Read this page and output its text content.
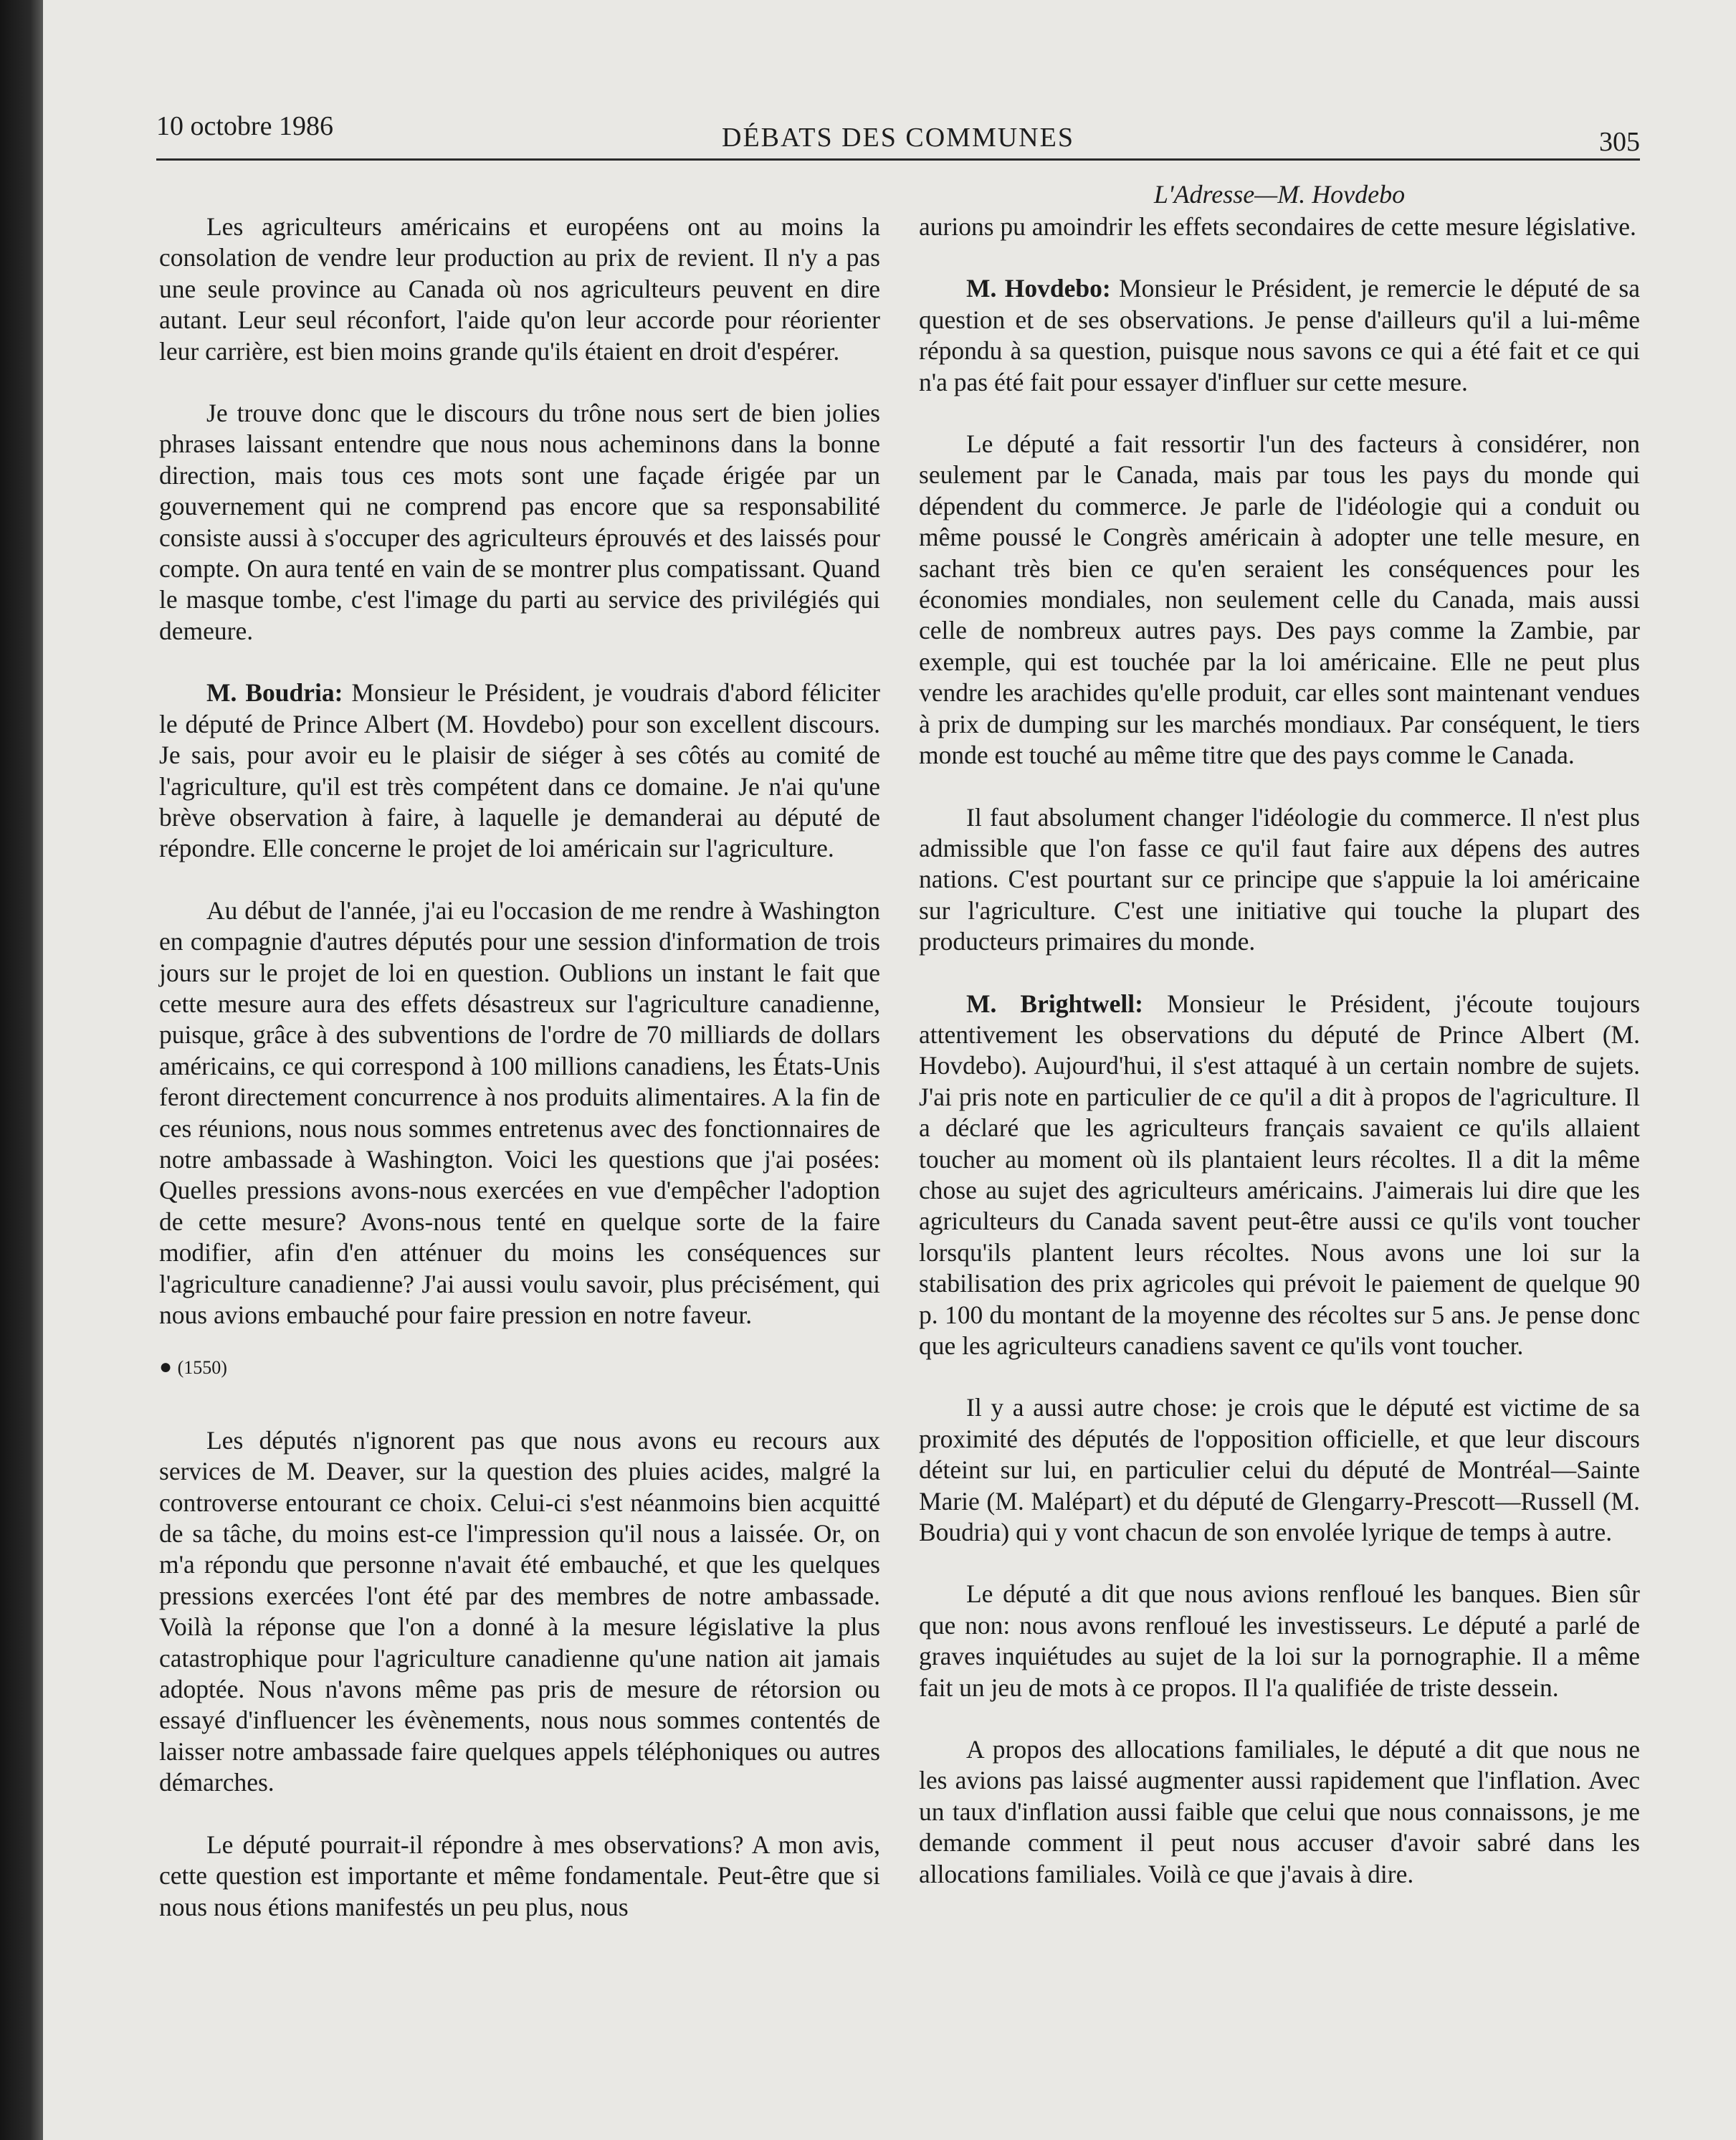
10 octobre 1986	DÉBATS DES COMMUNES	305
L'Adresse—M. Hovdebo

Les agriculteurs américains et européens ont au moins la consolation de vendre leur production au prix de revient. Il n'y a pas une seule province au Canada où nos agriculteurs peuvent en dire autant. Leur seul réconfort, l'aide qu'on leur accorde pour réorienter leur carrière, est bien moins grande qu'ils étaient en droit d'espérer.

Je trouve donc que le discours du trône nous sert de bien jolies phrases laissant entendre que nous nous acheminons dans la bonne direction, mais tous ces mots sont une façade érigée par un gouvernement qui ne comprend pas encore que sa responsabilité consiste aussi à s'occuper des agriculteurs éprouvés et des laissés pour compte. On aura tenté en vain de se montrer plus compatissant. Quand le masque tombe, c'est l'image du parti au service des privilégiés qui demeure.

M. Boudria: Monsieur le Président, je voudrais d'abord féliciter le député de Prince Albert (M. Hovdebo) pour son excellent discours. Je sais, pour avoir eu le plaisir de siéger à ses côtés au comité de l'agriculture, qu'il est très compétent dans ce domaine. Je n'ai qu'une brève observation à faire, à laquelle je demanderai au député de répondre. Elle concerne le projet de loi américain sur l'agriculture.

Au début de l'année, j'ai eu l'occasion de me rendre à Washington en compagnie d'autres députés pour une session d'information de trois jours sur le projet de loi en question. Oublions un instant le fait que cette mesure aura des effets désastreux sur l'agriculture canadienne, puisque, grâce à des subventions de l'ordre de 70 milliards de dollars américains, ce qui correspond à 100 millions canadiens, les États-Unis feront directement concurrence à nos produits alimentaires. A la fin de ces réunions, nous nous sommes entretenus avec des fonctionnaires de notre ambassade à Washington. Voici les questions que j'ai posées: Quelles pressions avons-nous exercées en vue d'empêcher l'adoption de cette mesure? Avons-nous tenté en quelque sorte de la faire modifier, afin d'en atténuer du moins les conséquences sur l'agriculture canadienne? J'ai aussi voulu savoir, plus précisément, qui nous avions embauché pour faire pression en notre faveur.

● (1550)

Les députés n'ignorent pas que nous avons eu recours aux services de M. Deaver, sur la question des pluies acides, malgré la controverse entourant ce choix. Celui-ci s'est néanmoins bien acquitté de sa tâche, du moins est-ce l'impression qu'il nous a laissée. Or, on m'a répondu que personne n'avait été embauché, et que les quelques pressions exercées l'ont été par des membres de notre ambassade. Voilà la réponse que l'on a donné à la mesure législative la plus catastrophique pour l'agriculture canadienne qu'une nation ait jamais adoptée. Nous n'avons même pas pris de mesure de rétorsion ou essayé d'influencer les évènements, nous nous sommes contentés de laisser notre ambassade faire quelques appels téléphoniques ou autres démarches.

Le député pourrait-il répondre à mes observations? A mon avis, cette question est importante et même fondamentale. Peut-être que si nous nous étions manifestés un peu plus, nous

aurions pu amoindrir les effets secondaires de cette mesure législative.

M. Hovdebo: Monsieur le Président, je remercie le député de sa question et de ses observations. Je pense d'ailleurs qu'il a lui-même répondu à sa question, puisque nous savons ce qui a été fait et ce qui n'a pas été fait pour essayer d'influer sur cette mesure.

Le député a fait ressortir l'un des facteurs à considérer, non seulement par le Canada, mais par tous les pays du monde qui dépendent du commerce. Je parle de l'idéologie qui a conduit ou même poussé le Congrès américain à adopter une telle mesure, en sachant très bien ce qu'en seraient les conséquences pour les économies mondiales, non seulement celle du Canada, mais aussi celle de nombreux autres pays. Des pays comme la Zambie, par exemple, qui est touchée par la loi américaine. Elle ne peut plus vendre les arachides qu'elle produit, car elles sont maintenant vendues à prix de dumping sur les marchés mondiaux. Par conséquent, le tiers monde est touché au même titre que des pays comme le Canada.

Il faut absolument changer l'idéologie du commerce. Il n'est plus admissible que l'on fasse ce qu'il faut faire aux dépens des autres nations. C'est pourtant sur ce principe que s'appuie la loi américaine sur l'agriculture. C'est une initiative qui touche la plupart des producteurs primaires du monde.

M. Brightwell: Monsieur le Président, j'écoute toujours attentivement les observations du député de Prince Albert (M. Hovdebo). Aujourd'hui, il s'est attaqué à un certain nombre de sujets. J'ai pris note en particulier de ce qu'il a dit à propos de l'agriculture. Il a déclaré que les agriculteurs français savaient ce qu'ils allaient toucher au moment où ils plantaient leurs récoltes. Il a dit la même chose au sujet des agriculteurs américains. J'aimerais lui dire que les agriculteurs du Canada savent peut-être aussi ce qu'ils vont toucher lorsqu'ils plantent leurs récoltes. Nous avons une loi sur la stabilisation des prix agricoles qui prévoit le paiement de quelque 90 p. 100 du montant de la moyenne des récoltes sur 5 ans. Je pense donc que les agriculteurs canadiens savent ce qu'ils vont toucher.

Il y a aussi autre chose: je crois que le député est victime de sa proximité des députés de l'opposition officielle, et que leur discours déteint sur lui, en particulier celui du député de Montréal—Sainte Marie (M. Malépart) et du député de Glengarry-Prescott—Russell (M. Boudria) qui y vont chacun de son envolée lyrique de temps à autre.

Le député a dit que nous avions renfloué les banques. Bien sûr que non: nous avons renfloué les investisseurs. Le député a parlé de graves inquiétudes au sujet de la loi sur la pornographie. Il a même fait un jeu de mots à ce propos. Il l'a qualifiée de triste dessein.

A propos des allocations familiales, le député a dit que nous ne les avions pas laissé augmenter aussi rapidement que l'inflation. Avec un taux d'inflation aussi faible que celui que nous connaissons, je me demande comment il peut nous accuser d'avoir sabré dans les allocations familiales. Voilà ce que j'avais à dire.
